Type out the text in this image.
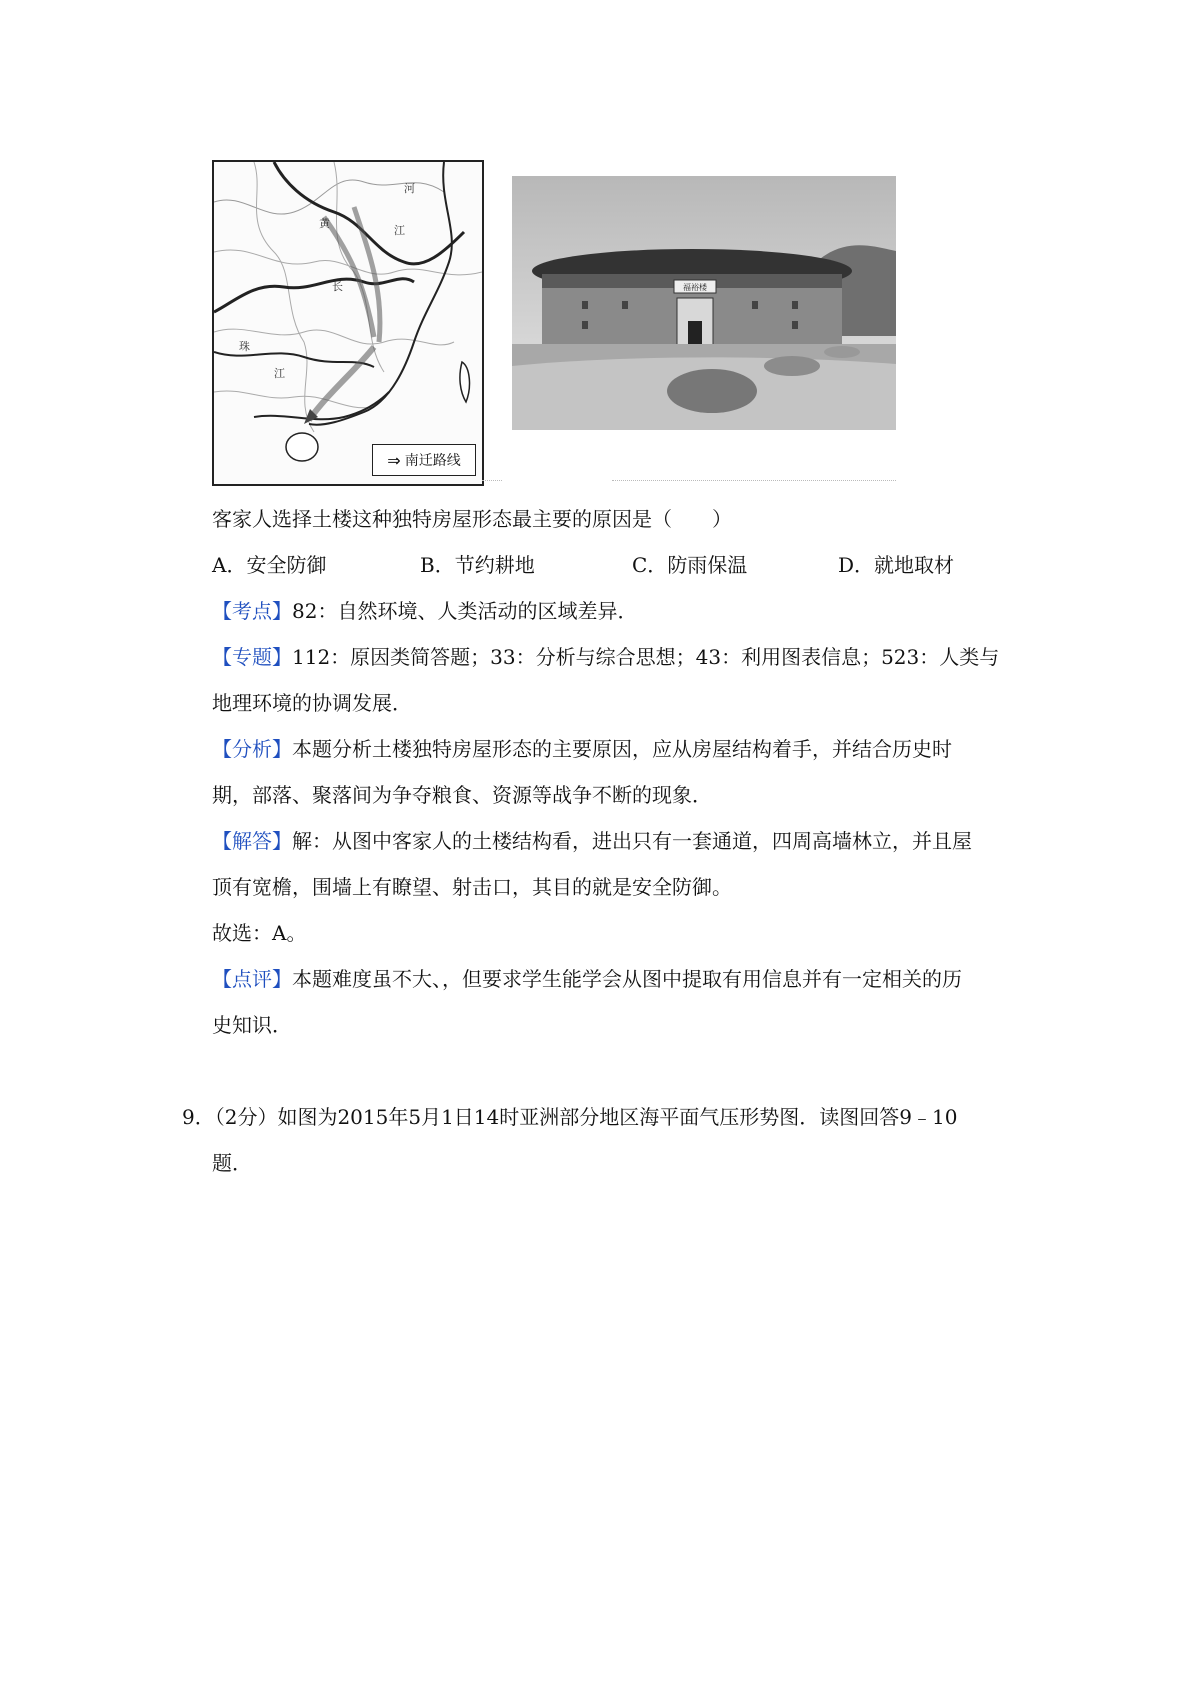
河
黄
江
长
珠
江
⇒ 南迁路线
福裕楼
客家人选择土楼这种独特房屋形态最主要的原因是（　　）
A．安全防御	B．节约耕地	C．防雨保温	D．就地取材
【考点】82：自然环境、人类活动的区域差异．
【专题】112：原因类简答题；33：分析与综合思想；43：利用图表信息；523：人类与
地理环境的协调发展．
【分析】本题分析土楼独特房屋形态的主要原因，应从房屋结构着手，并结合历史时
期，部落、聚落间为争夺粮食、资源等战争不断的现象．
【解答】解：从图中客家人的土楼结构看，进出只有一套通道，四周高墙林立，并且屋
顶有宽檐，围墙上有瞭望、射击口，其目的就是安全防御。
故选：A。
【点评】本题难度虽不大、，但要求学生能学会从图中提取有用信息并有一定相关的历
史知识．
9．（2分）如图为2015年5月1日14时亚洲部分地区海平面气压形势图．读图回答9﹣10
题．
